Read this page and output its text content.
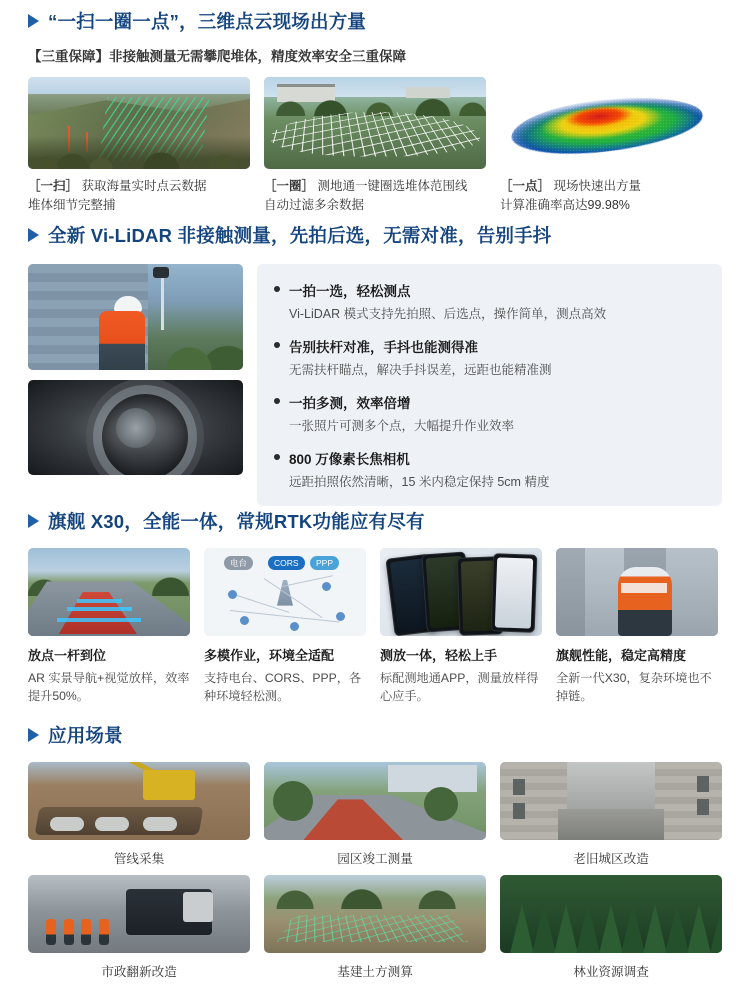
“一扫一圈一点”，三维点云现场出方量
【三重保障】非接触测量无需攀爬堆体，精度效率安全三重保障
［一扫］ 获取海量实时点云数据
堆体细节完整捕
［一圈］ 测地通一键圈选堆体范围线
自动过滤多余数据
［一点］ 现场快速出方量
计算准确率高达99.98%
全新 Vi-LiDAR 非接触测量，先拍后选，无需对准，告别手抖
一拍一选，轻松测点
Vi-LiDAR 模式支持先拍照、后选点，操作简单，测点高效
告别扶杆对准，手抖也能测得准
无需扶杆瞄点，解决手抖误差，远距也能精准测
一拍多测，效率倍增
一张照片可测多个点，大幅提升作业效率
800 万像素长焦相机
远距拍照依然清晰，15 米内稳定保持 5cm 精度
旗舰 X30，全能一体，常规RTK功能应有尽有
放点一杆到位
AR 实景导航+视觉放样，效率提升50%。
电台	CORS	PPP
多模作业，环境全适配
支持电台、CORS、PPP，各种环境轻松测。
测放一体，轻松上手
标配测地通APP，测量放样得心应手。
旗舰性能，稳定高精度
全新一代X30，复杂环境也不掉链。
应用场景
管线采集	园区竣工测量	老旧城区改造
市政翻新改造	基建土方测算	林业资源调查
